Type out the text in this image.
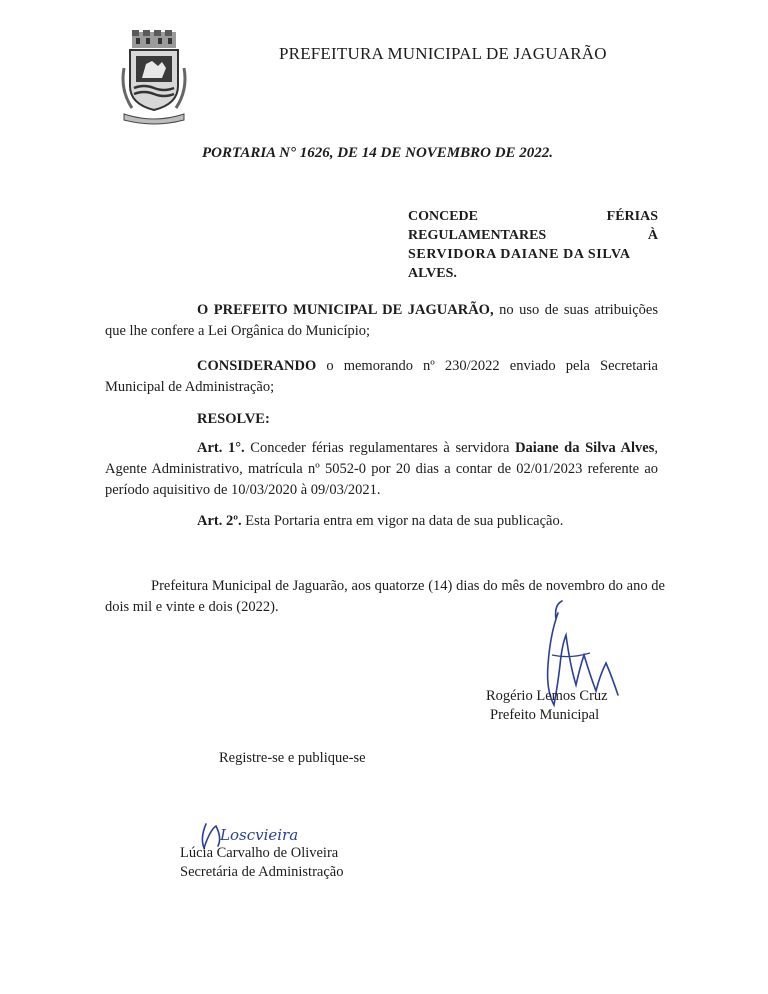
PREFEITURA MUNICIPAL DE JAGUARÃO
PORTARIA N° 1626, DE 14 DE NOVEMBRO DE 2022.
CONCEDE	FÉRIAS
REGULAMENTARES	À
SERVIDORA DAIANE DA SILVA
ALVES.
O PREFEITO MUNICIPAL DE JAGUARÃO, no uso de suas atribuições que lhe confere a Lei Orgânica do Município;
CONSIDERANDO o memorando nº 230/2022 enviado pela Secretaria Municipal de Administração;
RESOLVE:
Art. 1°. Conceder férias regulamentares à servidora Daiane da Silva Alves, Agente Administrativo, matrícula nº 5052-0 por 20 dias a contar de 02/01/2023 referente ao período aquisitivo de 10/03/2020 à 09/03/2021.
Art. 2º. Esta Portaria entra em vigor na data de sua publicação.
Prefeitura Municipal de Jaguarão, aos quatorze (14) dias do mês de novembro do ano de dois mil e vinte e dois (2022).
Rogério Lemos Cruz
Prefeito Municipal
Registre-se e publique-se
Loscvieira
Lúcia Carvalho de Oliveira
Secretária de Administração
